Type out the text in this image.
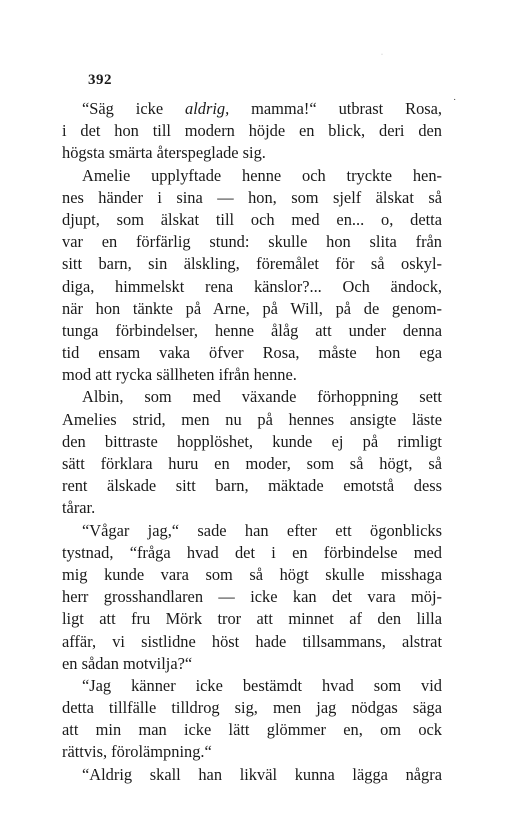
392
˙
·
“Säg icke aldrig, mamma!“ utbrast Rosa,
i det hon till modern höjde en blick, deri den
högsta smärta återspeglade sig.
Amelie upplyftade henne och tryckte hen-
nes händer i sina — hon, som sjelf älskat så
djupt, som älskat till och med en... o, detta
var en förfärlig stund: skulle hon slita från
sitt barn, sin älskling, föremålet för så oskyl-
diga, himmelskt rena känslor?... Och ändock,
när hon tänkte på Arne, på Will, på de genom-
tunga förbindelser, henne ålåg att under denna
tid ensam vaka öfver Rosa, måste hon ega
mod att rycka sällheten ifrån henne.
Albin, som med växande förhoppning sett
Amelies strid, men nu på hennes ansigte läste
den bittraste hopplöshet, kunde ej på rimligt
sätt förklara huru en moder, som så högt, så
rent älskade sitt barn, mäktade emotstå dess
tårar.
“Vågar jag,“ sade han efter ett ögonblicks
tystnad, “fråga hvad det i en förbindelse med
mig kunde vara som så högt skulle misshaga
herr grosshandlaren — icke kan det vara möj-
ligt att fru Mörk tror att minnet af den lilla
affär, vi sistlidne höst hade tillsammans, alstrat
en sådan motvilja?“
“Jag känner icke bestämdt hvad som vid
detta tillfälle tilldrog sig, men jag nödgas säga
att min man icke lätt glömmer en, om ock
rättvis, förolämpning.“
“Aldrig skall han likväl kunna lägga några
